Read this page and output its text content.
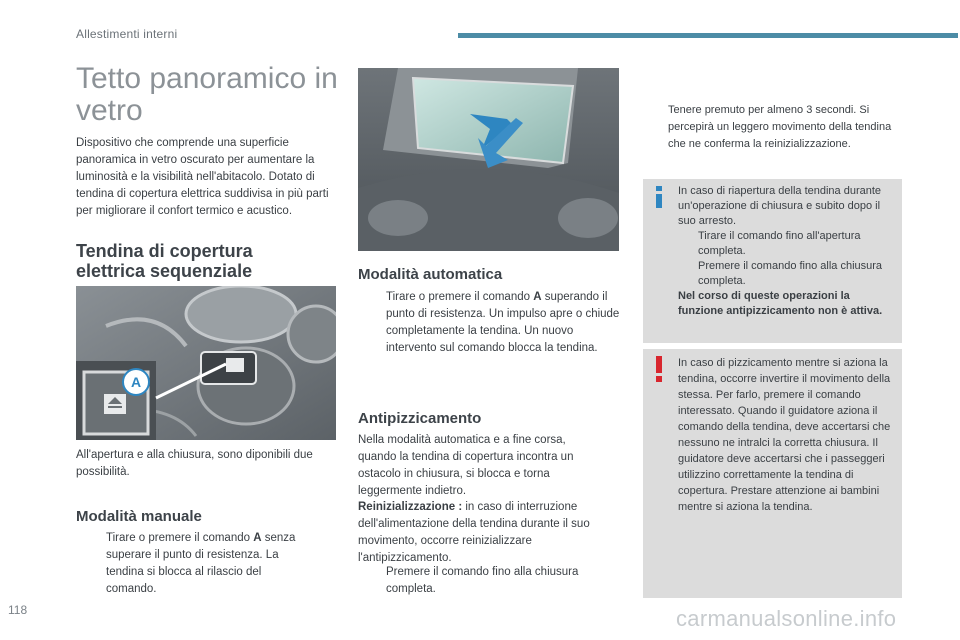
Allestimenti interni
Tetto panoramico in vetro
Dispositivo che comprende una superficie panoramica in vetro oscurato per aumentare la luminosità e la visibilità nell'abitacolo. Dotato di tendina di copertura elettrica suddivisa in più parti per migliorare il confort termico e acustico.
Tendina di copertura elettrica sequenziale
A
All'apertura e alla chiusura, sono diponibili due possibilità.
Modalità manuale
Tirare o premere il comando A senza superare il punto di resistenza. La tendina si blocca al rilascio del comando.
Modalità automatica
Tirare o premere il comando A superando il punto di resistenza. Un impulso apre o chiude completamente la tendina. Un nuovo intervento sul comando blocca la tendina.
Antipizzicamento
Nella modalità automatica e a fine corsa, quando la tendina di copertura incontra un ostacolo in chiusura, si blocca e torna leggermente indietro.
Reinizializzazione : in caso di interruzione dell'alimentazione della tendina durante il suo movimento, occorre reinizializzare l'antipizzicamento.
Premere il comando fino alla chiusura completa.
Tenere premuto per almeno 3 secondi. Si percepirà un leggero movimento della tendina che ne conferma la reinizializzazione.
In caso di riapertura della tendina durante un'operazione di chiusura e subito dopo il suo arresto.
Tirare il comando fino all'apertura completa.
Premere il comando fino alla chiusura completa.
Nel corso di queste operazioni la funzione antipizzicamento non è attiva.
In caso di pizzicamento mentre si aziona la tendina, occorre invertire il movimento della stessa. Per farlo, premere il comando interessato. Quando il guidatore aziona il comando della tendina, deve accertarsi che nessuno ne intralci la corretta chiusura. Il guidatore deve accertarsi che i passeggeri utilizzino correttamente la tendina di copertura. Prestare attenzione ai bambini mentre si aziona la tendina.
118	carmanualsonline.info
